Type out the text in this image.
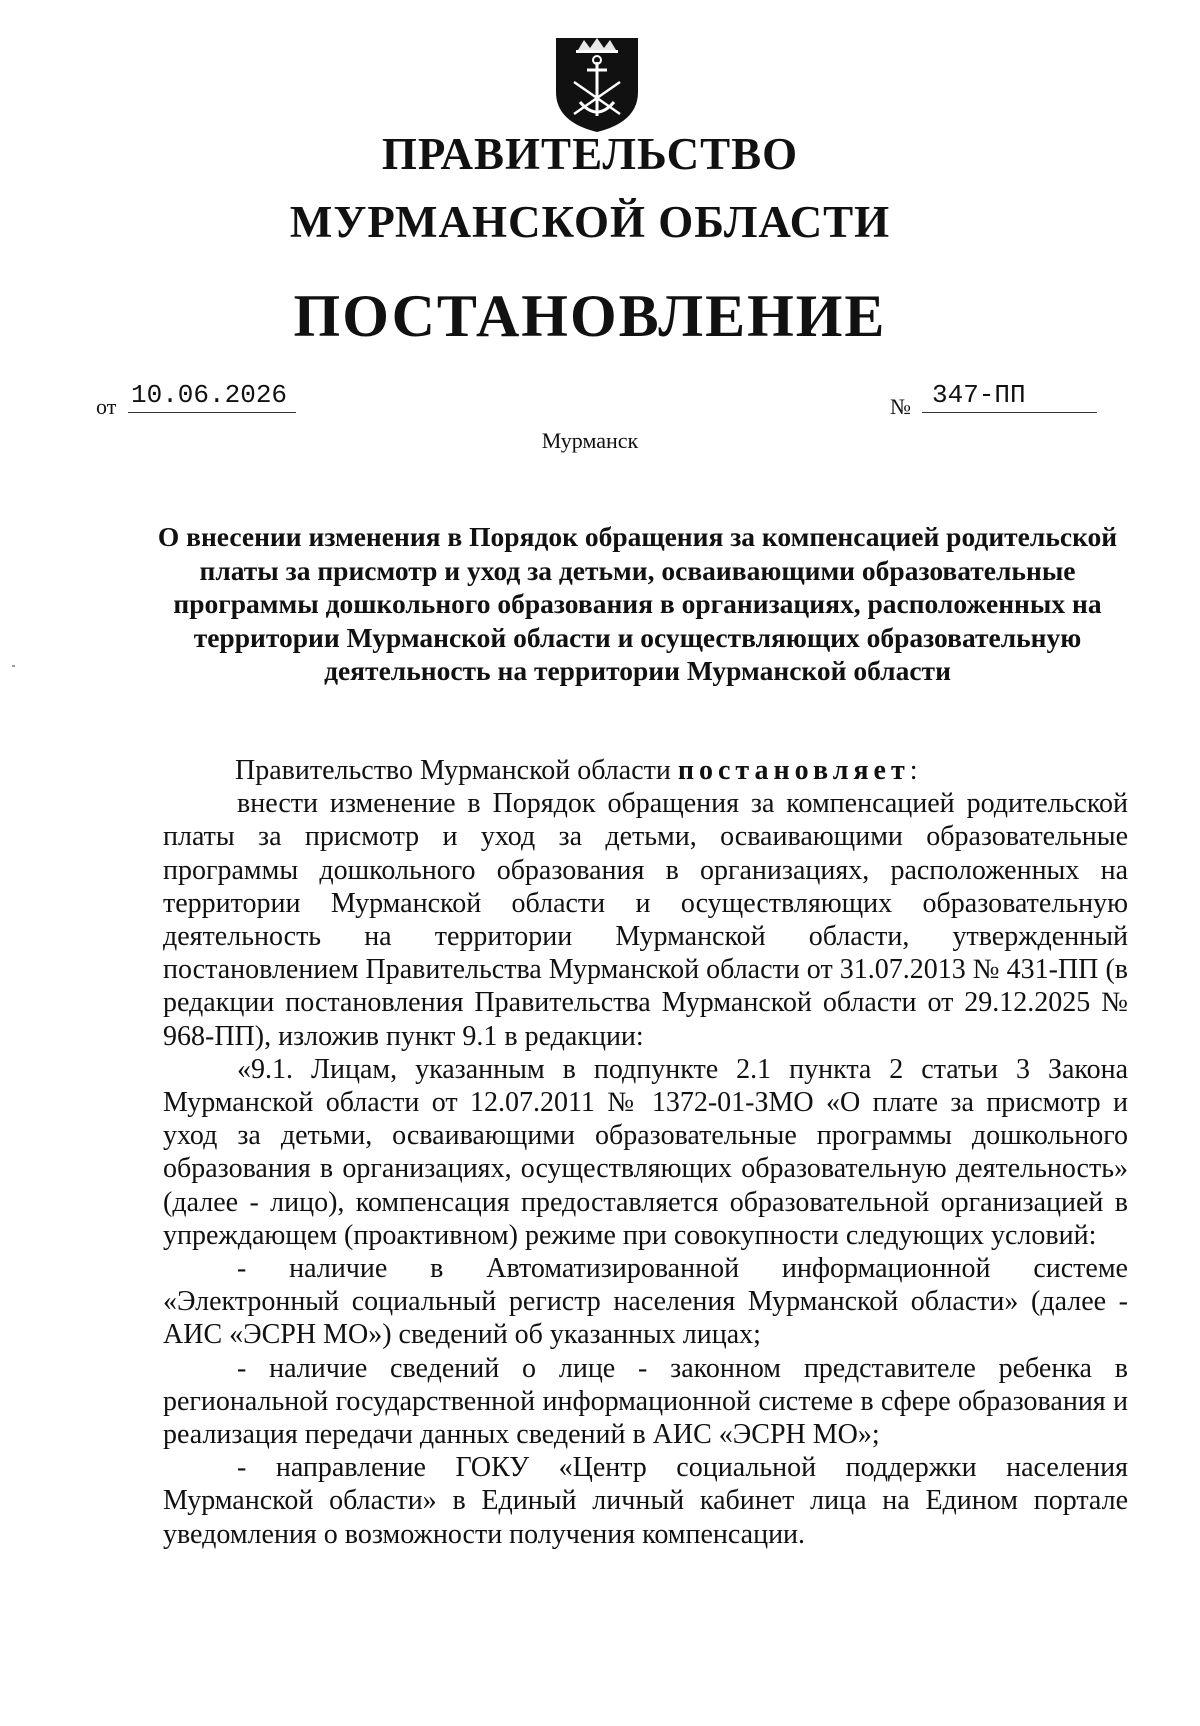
ПРАВИТЕЛЬСТВО
МУРМАНСКОЙ ОБЛАСТИ
ПОСТАНОВЛЕНИЕ
от 10.06.2026	№ 347-ПП
Мурманск
О внесении изменения в Порядок обращения за компенсацией родительской платы за присмотр и уход за детьми, осваивающими образовательные программы дошкольного образования в организациях, расположенных на территории Мурманской области и осуществляющих образовательную деятельность на территории Мурманской области

Правительство Мурманской области постановляет:

внести изменение в Порядок обращения за компенсацией родительской платы за присмотр и уход за детьми, осваивающими образовательные программы дошкольного образования в организациях, расположенных на территории Мурманской области и осуществляющих образовательную деятельность на территории Мурманской области, утвержденный постановлением Правительства Мурманской области от 31.07.2013 № 431-ПП (в редакции постановления Правительства Мурманской области от 29.12.2025 № 968-ПП), изложив пункт 9.1 в редакции:

«9.1. Лицам, указанным в подпункте 2.1 пункта 2 статьи 3 Закона Мурманской области от 12.07.2011 № 1372-01-ЗМО «О плате за присмотр и уход за детьми, осваивающими образовательные программы дошкольного образования в организациях, осуществляющих образовательную деятельность» (далее - лицо), компенсация предоставляется образовательной организацией в упреждающем (проактивном) режиме при совокупности следующих условий:

- наличие в Автоматизированной информационной системе «Электронный социальный регистр населения Мурманской области» (далее - АИС «ЭСРН МО») сведений об указанных лицах;

- наличие сведений о лице - законном представителе ребенка в региональной государственной информационной системе в сфере образования и реализация передачи данных сведений в АИС «ЭСРН МО»;

- направление ГОКУ «Центр социальной поддержки населения Мурманской области» в Единый личный кабинет лица на Едином портале уведомления о возможности получения компенсации.
